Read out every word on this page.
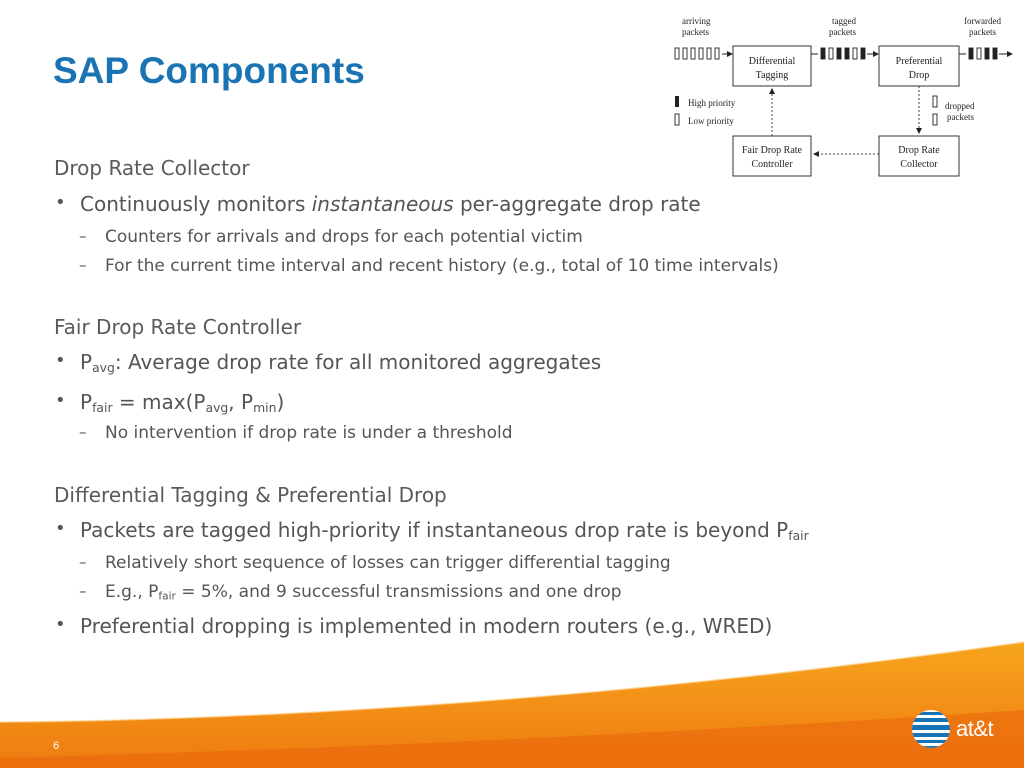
SAP Components
arriving
packets
tagged
packets
forwarded
packets
Differential
Tagging
Preferential
Drop
High priority
Low priority
dropped
packets
Fair Drop Rate
Controller
Drop Rate
Collector
Drop Rate Collector
• Continuously monitors instantaneous per-aggregate drop rate
– Counters for arrivals and drops for each potential victim
– For the current time interval and recent history (e.g., total of 10 time intervals)
Fair Drop Rate Controller
• $P_{avg}$: Average drop rate for all monitored aggregates
• $P_{fair} = \max(P_{avg}$, $P_{min}$)
– No intervention if drop rate is under a threshold
Differential Tagging & Preferential Drop
• Packets are tagged high-priority if instantaneous drop rate is beyond $P_{fair}$
– Relatively short sequence of losses can trigger differential tagging
– E.g., $P_{fair} = 5\%$, and 9 successful transmissions and one drop
• Preferential dropping is implemented in modern routers (e.g., WRED)
6
at&t
